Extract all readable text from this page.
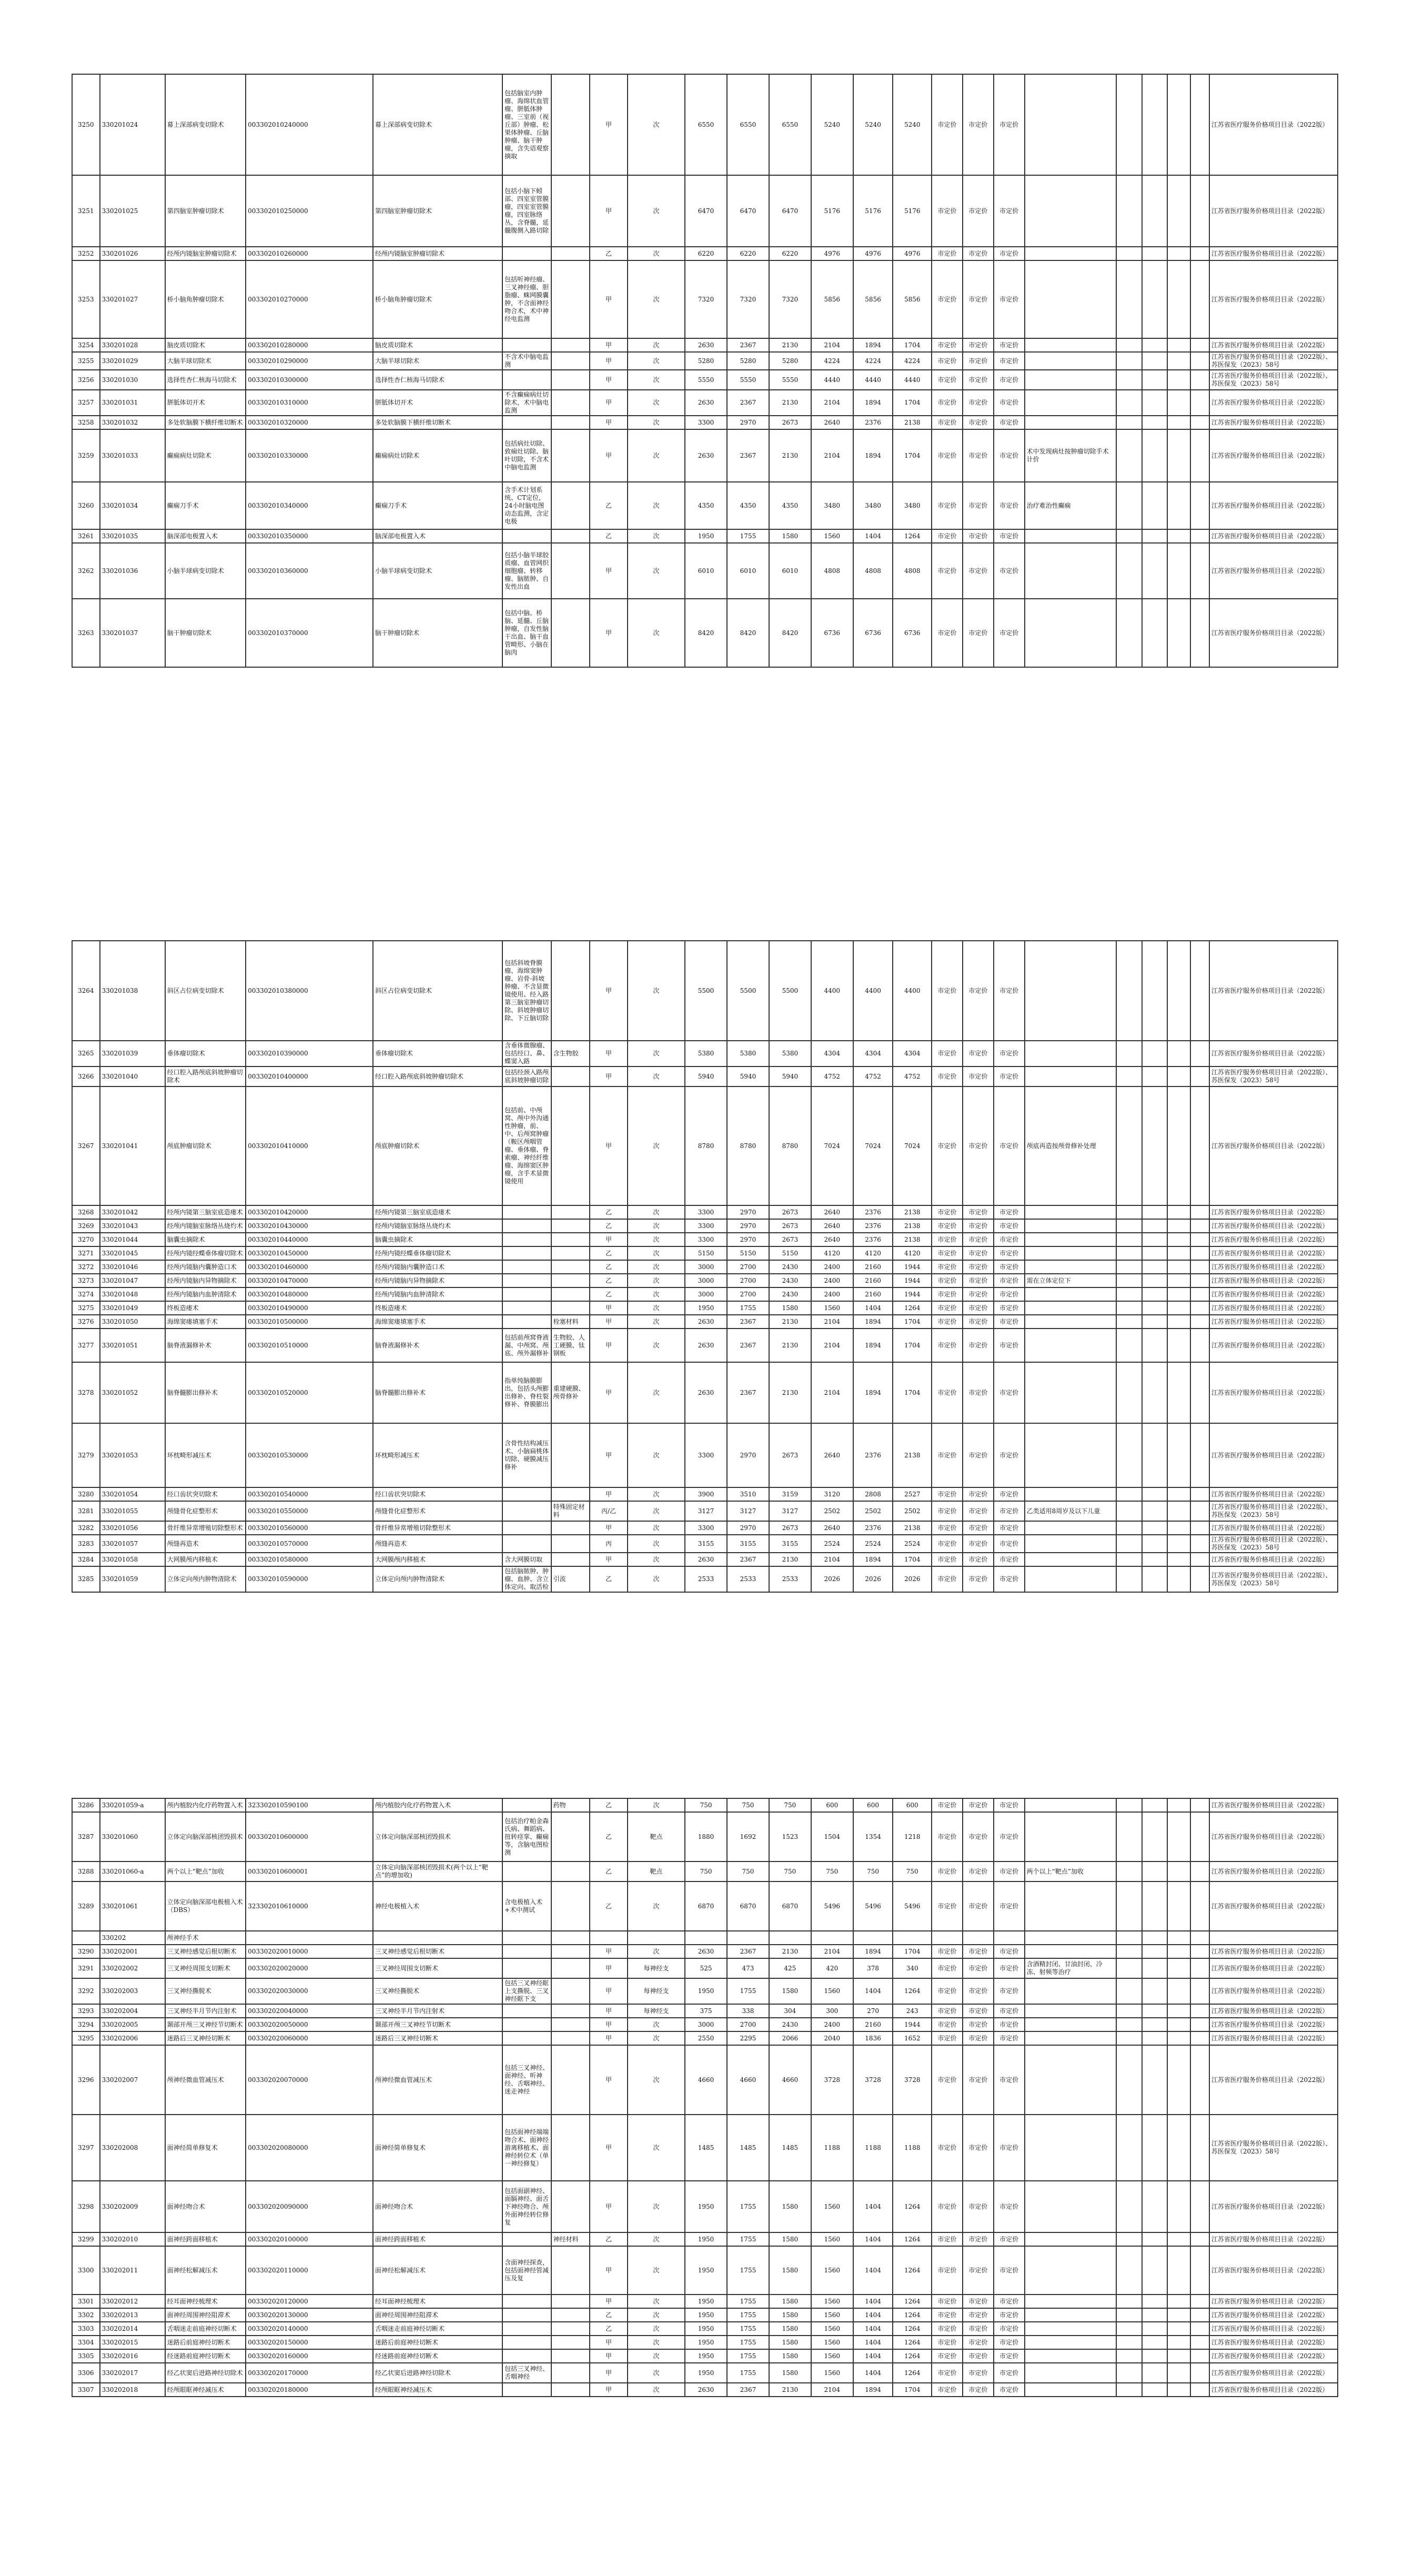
3250	330201024	幕上深部病变切除术	003302010240000	幕上深部病变切除术	包括脑室内肿瘤、海绵状血管瘤、胼胝体肿瘤、三室前（视丘部）肿瘤、松果体肿瘤、丘脑肿瘤、脑干肿瘤，含失语观察摘取		甲	次	6550	6550	6550	5240	5240	5240	市定价	市定价	市定价						江苏省医疗服务价格项目目录（2022版）
3251	330201025	第四脑室肿瘤切除术	003302010250000	第四脑室肿瘤切除术	包括小脑下蚓部、四室室管膜瘤，四室室管膜瘤，四室脉络丛，含脊髓，延髓腹侧入路切除		甲	次	6470	6470	6470	5176	5176	5176	市定价	市定价	市定价						江苏省医疗服务价格项目目录（2022版）
3252	330201026	经颅内镜脑室肿瘤切除术	003302010260000	经颅内镜脑室肿瘤切除术			乙	次	6220	6220	6220	4976	4976	4976	市定价	市定价	市定价						江苏省医疗服务价格项目目录（2022版）
3253	330201027	桥小脑角肿瘤切除术	003302010270000	桥小脑角肿瘤切除术	包括听神经瘤、三叉神经瘤、胆脂瘤、蛛网膜囊肿，不含面神经吻合术，术中神经电监测		甲	次	7320	7320	7320	5856	5856	5856	市定价	市定价	市定价						江苏省医疗服务价格项目目录（2022版）
3254	330201028	脑皮质切除术	003302010280000	脑皮质切除术			甲	次	2630	2367	2130	2104	1894	1704	市定价	市定价	市定价						江苏省医疗服务价格项目目录（2022版）
3255	330201029	大脑半球切除术	003302010290000	大脑半球切除术	不含术中脑电监测		甲	次	5280	5280	5280	4224	4224	4224	市定价	市定价	市定价						江苏省医疗服务价格项目目录（2022版）、苏医保发（2023）58号
3256	330201030	选择性杏仁核海马切除术	003302010300000	选择性杏仁核海马切除术			甲	次	5550	5550	5550	4440	4440	4440	市定价	市定价	市定价						江苏省医疗服务价格项目目录（2022版）、苏医保发（2023）58号
3257	330201031	胼胝体切开术	003302010310000	胼胝体切开术	不含癫痫病灶切除术，术中脑电监测		甲	次	2630	2367	2130	2104	1894	1704	市定价	市定价	市定价						江苏省医疗服务价格项目目录（2022版）
3258	330201032	多处软脑膜下横纤维切断术	003302010320000	多处软脑膜下横纤维切断术			甲	次	3300	2970	2673	2640	2376	2138	市定价	市定价	市定价						江苏省医疗服务价格项目目录（2022版）
3259	330201033	癫痫病灶切除术	003302010330000	癫痫病灶切除术	包括病灶切除、致痫灶切除、脑叶切除，不含术中脑电监测		甲	次	2630	2367	2130	2104	1894	1704	市定价	市定价	市定价	术中发现病灶按肿瘤切除手术计价					江苏省医疗服务价格项目目录（2022版）
3260	330201034	癫痫刀手术	003302010340000	癫痫刀手术	含手术计划系统、CT定位，24小时脑电图动态监测，含定电极		乙	次	4350	4350	4350	3480	3480	3480	市定价	市定价	市定价	治疗难治性癫痫					江苏省医疗服务价格项目目录（2022版）
3261	330201035	脑深部电极置入术	003302010350000	脑深部电极置入术			乙	次	1950	1755	1580	1560	1404	1264	市定价	市定价	市定价						江苏省医疗服务价格项目目录（2022版）
3262	330201036	小脑半球病变切除术	003302010360000	小脑半球病变切除术	包括小脑半球胶质瘤、血管网织细胞瘤、转移瘤、脑脓肿、自发性出血		甲	次	6010	6010	6010	4808	4808	4808	市定价	市定价	市定价						江苏省医疗服务价格项目目录（2022版）
3263	330201037	脑干肿瘤切除术	003302010370000	脑干肿瘤切除术	包括中脑、桥脑、延髓、丘脑肿瘤，自发性脑干出血、脑干血管畸形、小脑在脑肉		甲	次	8420	8420	8420	6736	6736	6736	市定价	市定价	市定价						江苏省医疗服务价格项目目录（2022版）
3264	330201038	斜区占位病变切除术	003302010380000	斜区占位病变切除术	包括斜坡脊膜瘤、海绵窦肿瘤、岩骨-斜坡肿瘤、不含显微镜使用、经入路第三脑室肿瘤切除、斜坡肿瘤切除、下丘脑切除		甲	次	5500	5500	5500	4400	4400	4400	市定价	市定价	市定价						江苏省医疗服务价格项目目录（2022版）
3265	330201039	垂体瘤切除术	003302010390000	垂体瘤切除术	含垂体微腺瘤、包括经口、鼻、蝶窦入路	含生物胶	甲	次	5380	5380	5380	4304	4304	4304	市定价	市定价	市定价						江苏省医疗服务价格项目目录（2022版）
3266	330201040	经口腔入路颅底斜坡肿瘤切除术	003302010400000	经口腔入路颅底斜坡肿瘤切除术	包括经颈入路颅底斜坡肿瘤切除		甲	次	5940	5940	5940	4752	4752	4752	市定价	市定价	市定价						江苏省医疗服务价格项目目录（2022版）、苏医保发（2023）58号
3267	330201041	颅底肿瘤切除术	003302010410000	颅底肿瘤切除术	包括前、中颅窝、颅中外沟通性肿瘤，前、中、后颅窝肿瘤（鞍区颅咽管瘤、垂体瘤、脊索瘤、神经纤维瘤、海绵窦区肿瘤，含手术显微镜使用		甲	次	8780	8780	8780	7024	7024	7024	市定价	市定价	市定价	颅底再造按颅骨修补处理					江苏省医疗服务价格项目目录（2022版）
3268	330201042	经颅内镜第三脑室底造瘘术	003302010420000	经颅内镜第三脑室底造瘘术			乙	次	3300	2970	2673	2640	2376	2138	市定价	市定价	市定价						江苏省医疗服务价格项目目录（2022版）
3269	330201043	经颅内镜脑室脉络丛烧灼术	003302010430000	经颅内镜脑室脉络丛烧灼术			乙	次	3300	2970	2673	2640	2376	2138	市定价	市定价	市定价						江苏省医疗服务价格项目目录（2022版）
3270	330201044	脑囊虫摘除术	003302010440000	脑囊虫摘除术			甲	次	3300	2970	2673	2640	2376	2138	市定价	市定价	市定价						江苏省医疗服务价格项目目录（2022版）
3271	330201045	经颅内镜经蝶垂体瘤切除术	003302010450000	经颅内镜经蝶垂体瘤切除术			乙	次	5150	5150	5150	4120	4120	4120	市定价	市定价	市定价						江苏省医疗服务价格项目目录（2022版）
3272	330201046	经颅内镜脑内囊肿造口术	003302010460000	经颅内镜脑内囊肿造口术			乙	次	3000	2700	2430	2400	2160	1944	市定价	市定价	市定价						江苏省医疗服务价格项目目录（2022版）
3273	330201047	经颅内镜脑内异物摘除术	003302010470000	经颅内镜脑内异物摘除术			乙	次	3000	2700	2430	2400	2160	1944	市定价	市定价	市定价	需在立体定位下					江苏省医疗服务价格项目目录（2022版）
3274	330201048	经颅内镜脑内血肿清除术	003302010480000	经颅内镜脑内血肿清除术			乙	次	3000	2700	2430	2400	2160	1944	市定价	市定价	市定价						江苏省医疗服务价格项目目录（2022版）
3275	330201049	终板造瘘术	003302010490000	终板造瘘术			甲	次	1950	1755	1580	1560	1404	1264	市定价	市定价	市定价						江苏省医疗服务价格项目目录（2022版）
3276	330201050	海绵窦瘘填塞手术	003302010500000	海绵窦瘘填塞手术		栓塞材料	甲	次	2630	2367	2130	2104	1894	1704	市定价	市定价	市定价						江苏省医疗服务价格项目目录（2022版）
3277	330201051	脑脊液漏修补术	003302010510000	脑脊液漏修补术	包括前颅窝脊液漏、中颅窝、颅底、颅外漏修补	生物胶、人工硬膜、钛钢板	甲	次	2630	2367	2130	2104	1894	1704	市定价	市定价	市定价						江苏省医疗服务价格项目目录（2022版）
3278	330201052	脑脊髓膨出修补术	003302010520000	脑脊髓膨出修补术	指单纯脑膜膨出，包括头颅膨出修补、脊柱裂修补、脊膜膨出	重建硬膜、颅骨修补	甲	次	2630	2367	2130	2104	1894	1704	市定价	市定价	市定价						江苏省医疗服务价格项目目录（2022版）
3279	330201053	环枕畸形减压术	003302010530000	环枕畸形减压术	含骨性结构减压术、小脑扁桃体切除、硬膜减压修补		甲	次	3300	2970	2673	2640	2376	2138	市定价	市定价	市定价						江苏省医疗服务价格项目目录（2022版）
3280	330201054	经口齿状突切除术	003302010540000	经口齿状突切除术			甲	次	3900	3510	3159	3120	2808	2527	市定价	市定价	市定价						江苏省医疗服务价格项目目录（2022版）
3281	330201055	颅缝骨化症整形术	003302010550000	颅缝骨化症整形术		特殊固定材料	丙/乙	次	3127	3127	3127	2502	2502	2502	市定价	市定价	市定价	乙类适用8周岁及以下儿童					江苏省医疗服务价格项目目录（2022版）、苏医保发（2023）58号
3282	330201056	骨纤维异常增殖切除整形术	003302010560000	骨纤维异常增殖切除整形术			甲	次	3300	2970	2673	2640	2376	2138	市定价	市定价	市定价						江苏省医疗服务价格项目目录（2022版）
3283	330201057	颅缝再造术	003302010570000	颅缝再造术			丙	次	3155	3155	3155	2524	2524	2524	市定价	市定价	市定价						江苏省医疗服务价格项目目录（2022版）、苏医保发（2023）58号
3284	330201058	大网膜颅内移植术	003302010580000	大网膜颅内移植术	含大网膜切取		甲	次	2630	2367	2130	2104	1894	1704	市定价	市定价	市定价						江苏省医疗服务价格项目目录（2022版）
3285	330201059	立体定向颅内肿物清除术	003302010590000	立体定向颅内肿物清除术	包括脑脓肿、肿瘤、血肿、含立体定向、取活检	引流	乙	次	2533	2533	2533	2026	2026	2026	市定价	市定价	市定价						江苏省医疗服务价格项目目录（2022版）、苏医保发（2023）58号
3286	330201059-a	颅内植胶内化疗药物置入术	323302010590100	颅内植胶内化疗药物置入术		药物	乙	次	750	750	750	600	600	600	市定价	市定价	市定价						江苏省医疗服务价格项目目录（2022版）
3287	330201060	立体定向脑深部核团毁损术	003302010600000	立体定向脑深部核团毁损术	包括治疗帕金森氏病、舞蹈病、扭转痉挛、癫痫等，含脑电图检测		乙	靶点	1880	1692	1523	1504	1354	1218	市定价	市定价	市定价						江苏省医疗服务价格项目目录（2022版）
3288	330201060-a	两个以上“靶点”加收	003302010600001	立体定向脑深部核团毁损术(两个以上“靶点”的增加收)			乙	靶点	750	750	750	750	750	750	市定价	市定价	市定价	两个以上“靶点”加收					江苏省医疗服务价格项目目录（2022版）
3289	330201061	立体定向脑深部电极植入术（DBS）	323302010610000	神经电极植入术	含电极植入术+术中测试		乙	次	6870	6870	6870	5496	5496	5496	市定价	市定价	市定价						江苏省医疗服务价格项目目录（2022版）
	330202	颅神经手术																					
3290	330202001	三叉神经感觉后根切断术	003302020010000	三叉神经感觉后根切断术			甲	次	2630	2367	2130	2104	1894	1704	市定价	市定价	市定价						江苏省医疗服务价格项目目录（2022版）
3291	330202002	三叉神经周围支切断术	003302020020000	三叉神经周围支切断术			甲	每神经支	525	473	425	420	378	340	市定价	市定价	市定价	含酒精封闭、甘油封闭、冷冻、射频等治疗					江苏省医疗服务价格项目目录（2022版）
3292	330202003	三叉神经撕脱术	003302020030000	三叉神经撕脱术	包括三叉神经眶上支撕脱、三叉神经眶下支		甲	每神经支	1950	1755	1580	1560	1404	1264	市定价	市定价	市定价						江苏省医疗服务价格项目目录（2022版）
3293	330202004	三叉神经半月节内注射术	003302020040000	三叉神经半月节内注射术			甲	每神经支	375	338	304	300	270	243	市定价	市定价	市定价						江苏省医疗服务价格项目目录（2022版）
3294	330202005	颞部开颅三叉神经节切断术	003302020050000	颞部开颅三叉神经节切断术			甲	次	3000	2700	2430	2400	2160	1944	市定价	市定价	市定价						江苏省医疗服务价格项目目录（2022版）
3295	330202006	迷路后三叉神经切断术	003302020060000	迷路后三叉神经切断术			甲	次	2550	2295	2066	2040	1836	1652	市定价	市定价	市定价						江苏省医疗服务价格项目目录（2022版）
3296	330202007	颅神经微血管减压术	003302020070000	颅神经微血管减压术	包括三叉神经、面神经、听神经、舌咽神经、迷走神经		甲	次	4660	4660	4660	3728	3728	3728	市定价	市定价	市定价						江苏省医疗服务价格项目目录（2022版）
3297	330202008	面神经简单修复术	003302020080000	面神经简单修复术	包括面神经端端吻合术、面神经游离移植术、面神经转位术（单一神经修复）		甲	次	1485	1485	1485	1188	1188	1188	市定价	市定价	市定价						江苏省医疗服务价格项目目录（2022版）、苏医保发（2023）58号
3298	330202009	面神经吻合术	003302020090000	面神经吻合术	包括面副神经、面膈神经、面舌下神经吻合、颅外面神经转位修复		甲	次	1950	1755	1580	1560	1404	1264	市定价	市定价	市定价						江苏省医疗服务价格项目目录（2022版）
3299	330202010	面神经跨面移植术	003302020100000	面神经跨面移植术		神经材料	乙	次	1950	1755	1580	1560	1404	1264	市定价	市定价	市定价						江苏省医疗服务价格项目目录（2022版）
3300	330202011	面神经松解减压术	003302020110000	面神经松解减压术	含面神经探查，包括面神经管减压及复		甲	次	1950	1755	1580	1560	1404	1264	市定价	市定价	市定价						江苏省医疗服务价格项目目录（2022版）
3301	330202012	经耳面神经梳理术	003302020120000	经耳面神经梳理术			甲	次	1950	1755	1580	1560	1404	1264	市定价	市定价	市定价						江苏省医疗服务价格项目目录（2022版）
3302	330202013	面神经周围神经阻滞术	003302020130000	面神经周围神经阻滞术			乙	次	1950	1755	1580	1560	1404	1264	市定价	市定价	市定价						江苏省医疗服务价格项目目录（2022版）
3303	330202014	舌咽迷走前庭神经切断术	003302020140000	舌咽迷走前庭神经切断术			乙	次	1950	1755	1580	1560	1404	1264	市定价	市定价	市定价						江苏省医疗服务价格项目目录（2022版）
3304	330202015	迷路后前庭神经切断术	003302020150000	迷路后前庭神经切断术			甲	次	1950	1755	1580	1560	1404	1264	市定价	市定价	市定价						江苏省医疗服务价格项目目录（2022版）
3305	330202016	经迷路前庭神经切断术	003302020160000	经迷路前庭神经切断术			甲	次	1950	1755	1580	1560	1404	1264	市定价	市定价	市定价						江苏省医疗服务价格项目目录（2022版）
3306	330202017	经乙状窦后进路神经切除术	003302020170000	经乙状窦后进路神经切除术	包括三叉神经、舌咽神经		甲	次	1950	1755	1580	1560	1404	1264	市定价	市定价	市定价						江苏省医疗服务价格项目目录（2022版）
3307	330202018	经颅眼眶神经减压术	003302020180000	经颅眼眶神经减压术			甲	次	2630	2367	2130	2104	1894	1704	市定价	市定价	市定价						江苏省医疗服务价格项目目录（2022版）
